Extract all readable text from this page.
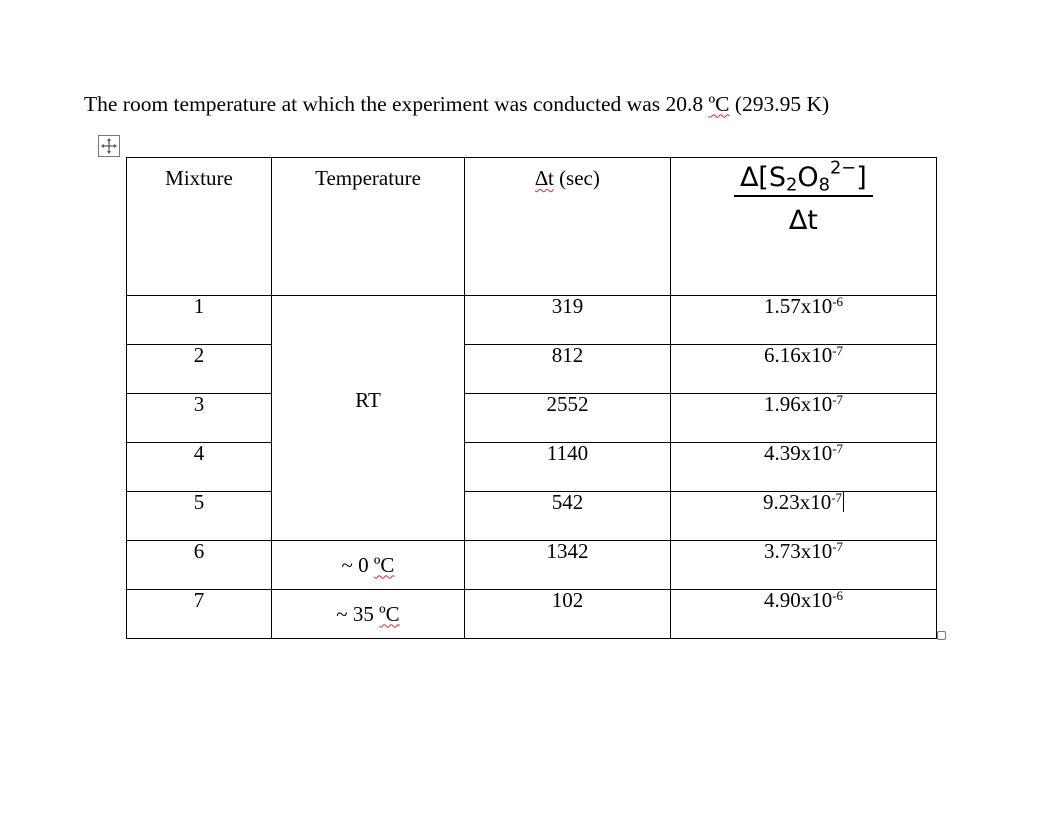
The room temperature at which the experiment was conducted was 20.8 ºC (293.95 K)

Mixture	Temperature	∆t (sec)	$\frac{\Delta[S_2O_8^{2-}]}{\Delta t}$

1	RT	319	$1.57x10^{-6}$
2		812	$6.16x10^{-7}$
3		2552	$1.96x10^{-7}$
4		1140	$4.39x10^{-7}$
5		542	$9.23x10^{-7}$
6	~ 0 ºC	1342	$3.73x10^{-7}$
7	~ 35 ºC	102	$4.90x10^{-6}$
